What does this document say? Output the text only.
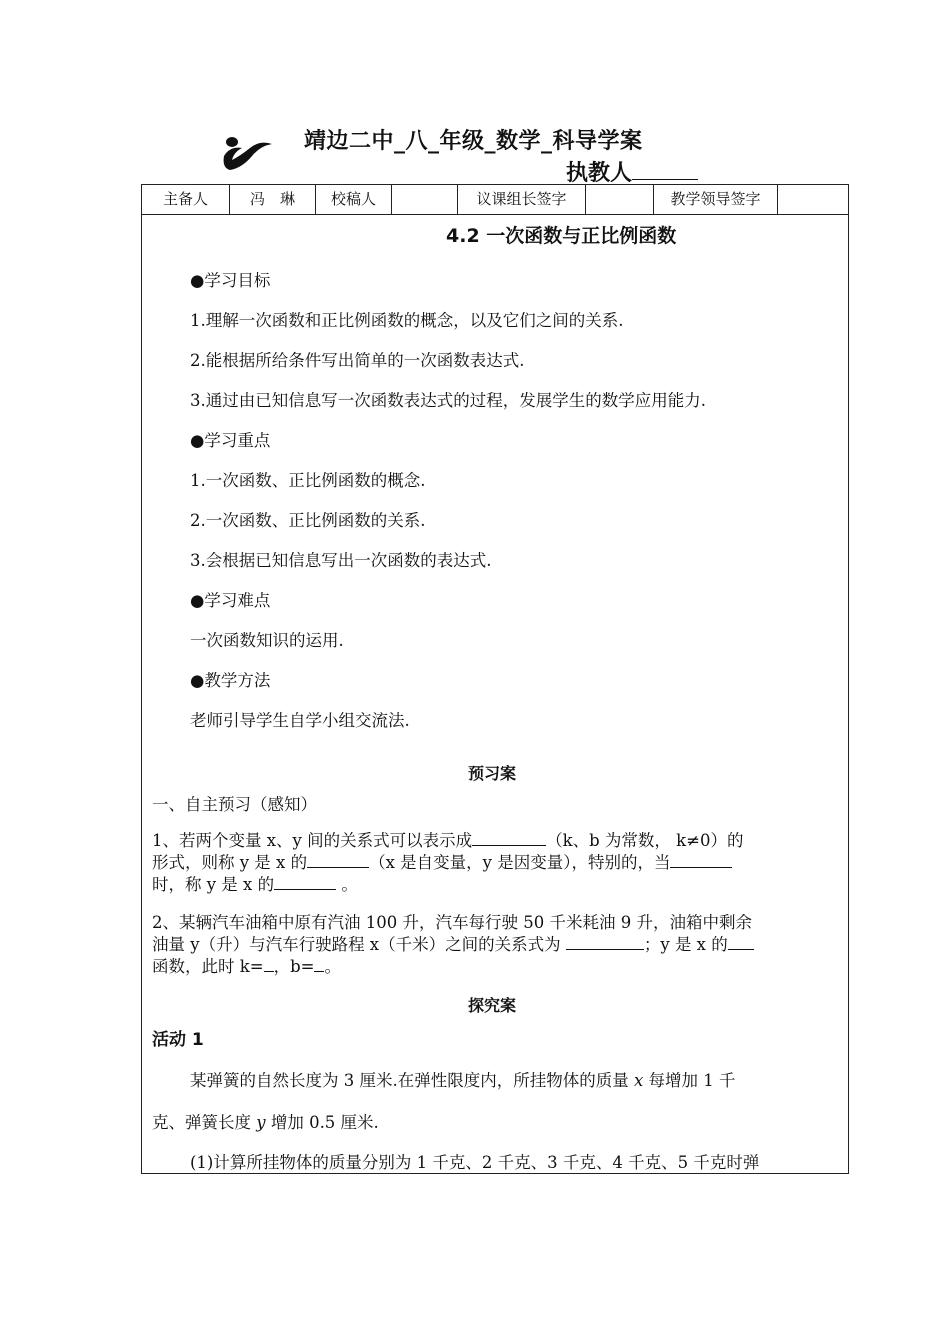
靖边二中_八_年级_数学_科导学案
执教人
主备人	冯　琳	校稿人	议课组长签字	教学领导签字
4.2 一次函数与正比例函数
●学习目标
1.理解一次函数和正比例函数的概念，以及它们之间的关系.
2.能根据所给条件写出简单的一次函数表达式.
3.通过由已知信息写一次函数表达式的过程，发展学生的数学应用能力.
●学习重点
1.一次函数、正比例函数的概念.
2.一次函数、正比例函数的关系.
3.会根据已知信息写出一次函数的表达式.
●学习难点
一次函数知识的运用.
●教学方法
老师引导学生自学小组交流法.
预习案
一、自主预习（感知）
1、若两个变量 x、y 间的关系式可以表示成	（k、b 为常数， k≠0）的
形式，则称 y 是 x 的	（x 是自变量，y 是因变量），特别的，当
时，称 y 是 x 的	。
2、某辆汽车油箱中原有汽油 100 升，汽车每行驶 50 千米耗油 9 升，油箱中剩余
油量 y（升）与汽车行驶路程 x（千米）之间的关系式为	；y 是 x 的
函数，此时 k= ，b= 。
探究案
活动 1
某弹簧的自然长度为 3 厘米.在弹性限度内，所挂物体的质量 x 每增加 1 千
克、弹簧长度 y 增加 0.5 厘米.
(1)计算所挂物体的质量分别为 1 千克、2 千克、3 千克、4 千克、5 千克时弹
